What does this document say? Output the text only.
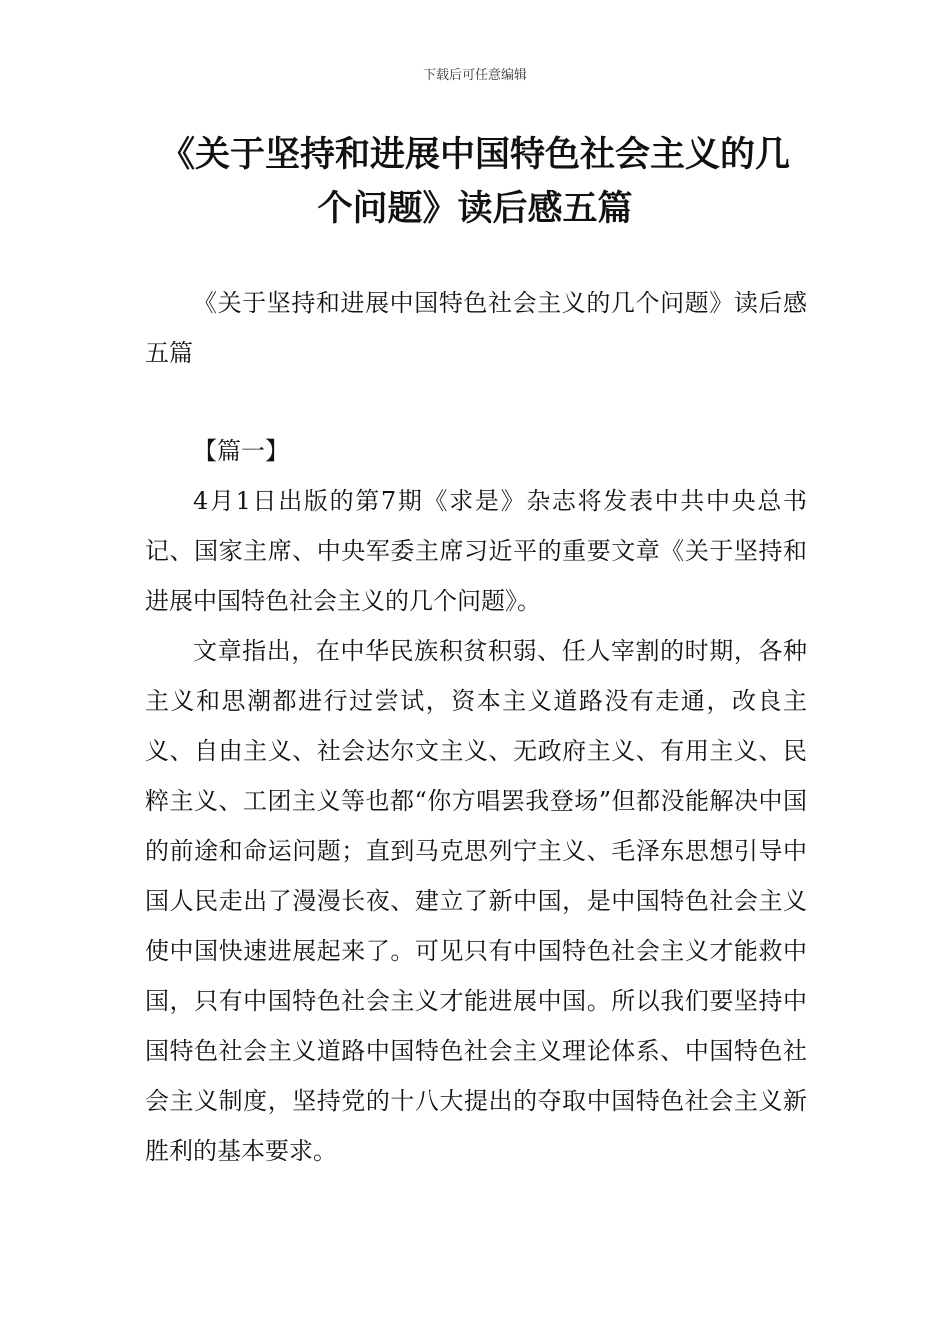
下载后可任意编辑
《关于坚持和进展中国特色社会主义的几
个问题》读后感五篇

《关于坚持和进展中国特色社会主义的几个问题》读后感五篇

【篇一】

4月1日出版的第7期《求是》杂志将发表中共中央总书记、国家主席、中央军委主席习近平的重要文章《关于坚持和进展中国特色社会主义的几个问题》。

文章指出，在中华民族积贫积弱、任人宰割的时期，各种主义和思潮都进行过尝试，资本主义道路没有走通，改良主义、自由主义、社会达尔文主义、无政府主义、有用主义、民粹主义、工团主义等也都“你方唱罢我登场”但都没能解决中国的前途和命运问题；直到马克思列宁主义、毛泽东思想引导中国人民走出了漫漫长夜、建立了新中国，是中国特色社会主义使中国快速进展起来了。可见只有中国特色社会主义才能救中国，只有中国特色社会主义才能进展中国。所以我们要坚持中国特色社会主义道路中国特色社会主义理论体系、中国特色社会主义制度，坚持党的十八大提出的夺取中国特色社会主义新胜利的基本要求。
